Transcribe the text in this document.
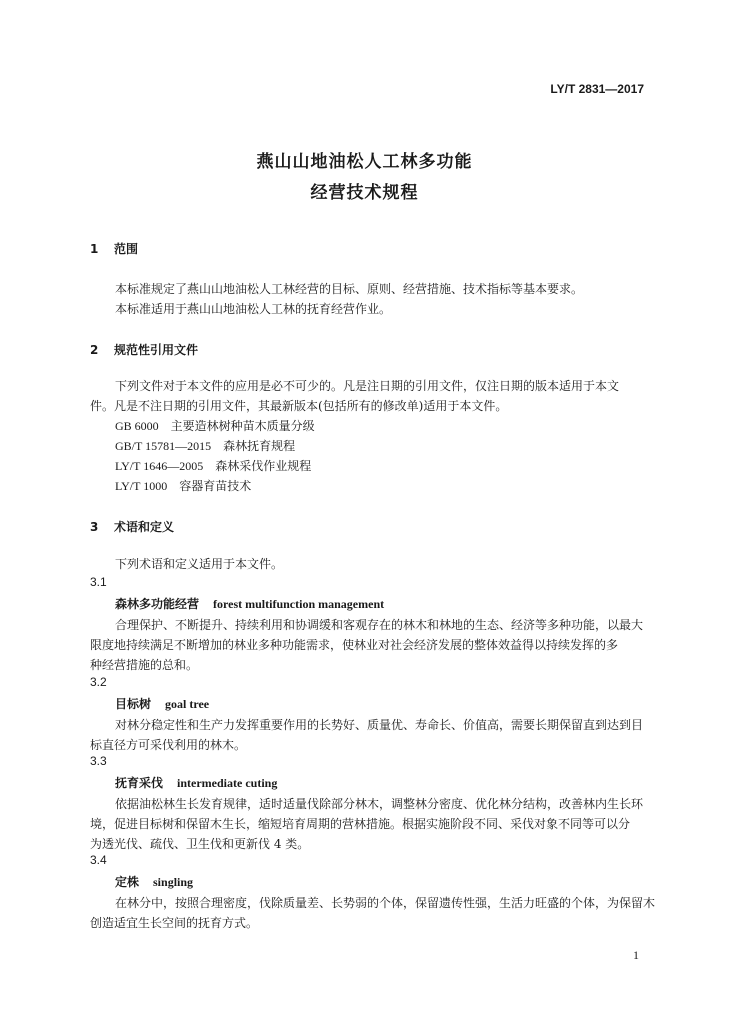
LY/T 2831—2017
燕山山地油松人工林多功能
经营技术规程
1 范围
本标准规定了燕山山地油松人工林经营的目标、原则、经营措施、技术指标等基本要求。
本标准适用于燕山山地油松人工林的抚育经营作业。
2 规范性引用文件
下列文件对于本文件的应用是必不可少的。凡是注日期的引用文件，仅注日期的版本适用于本文
件。凡是不注日期的引用文件，其最新版本(包括所有的修改单)适用于本文件。
GB 6000 主要造林树种苗木质量分级
GB/T 15781—2015 森林抚育规程
LY/T 1646—2005 森林采伐作业规程
LY/T 1000 容器育苗技术
3 术语和定义
下列术语和定义适用于本文件。
3.1
森林多功能经营 forest multifunction management
合理保护、不断提升、持续利用和协调缓和客观存在的林木和林地的生态、经济等多种功能，以最大
限度地持续满足不断增加的林业多种功能需求，使林业对社会经济发展的整体效益得以持续发挥的多
种经营措施的总和。
3.2
目标树 goal tree
对林分稳定性和生产力发挥重要作用的长势好、质量优、寿命长、价值高，需要长期保留直到达到目
标直径方可采伐利用的林木。
3.3
抚育采伐 intermediate cuting
依据油松林生长发育规律，适时适量伐除部分林木，调整林分密度、优化林分结构，改善林内生长环
境，促进目标树和保留木生长，缩短培育周期的营林措施。根据实施阶段不同、采伐对象不同等可以分
为透光伐、疏伐、卫生伐和更新伐 4 类。
3.4
定株 singling
在林分中，按照合理密度，伐除质量差、长势弱的个体，保留遗传性强，生活力旺盛的个体，为保留木
创造适宜生长空间的抚育方式。
1
